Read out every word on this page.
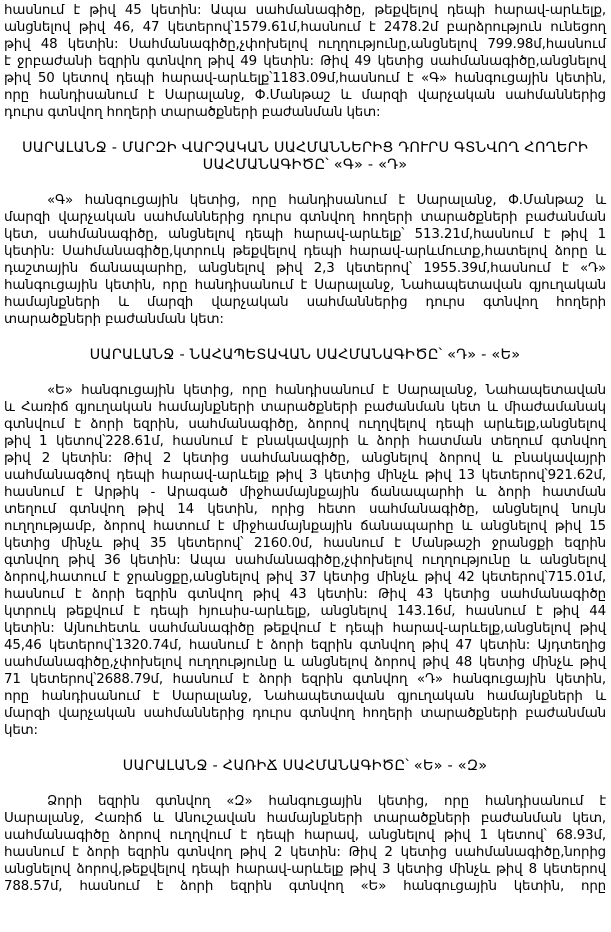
հասնում է թիվ 45 կետին: Ապա սահմանագիծը, թեքվելով դեպի հարավ-արևելք,
անցնելով թիվ 46, 47 կետերով՝1579.61մ,հասնում է 2478.2մ բարձրություն ունեցող
թիվ 48 կետին: Սահմանագիծը,չփոխելով ուղղությունը,անցնելով 799.98մ,հասնում
է ջրբաժանի եզրին գտնվող թիվ 49 կետին: Թիվ 49 կետից սահմանագիծը,անցնելով
թիվ 50 կետով դեպի հարավ-արևելք՝1183.09մ,հասնում է «Գ» հանգուցային կետին,
որը հանդիսանում է Սարալանջ, Փ.Մանթաշ և մարզի վարչական սահմաններից
դուրս գտնվող հողերի տարածքների բաժանման կետ:
ՍԱՐԱԼԱՆՋ - ՄԱՐԶԻ ՎԱՐՉԱԿԱՆ ՍԱՀՄԱՆՆԵՐԻՑ ԴՈՒՐՍ ԳՏՆՎՈՂ ՀՈՂԵՐԻ
ՍԱՀՄԱՆԱԳԻԾԸ՝ «Գ» - «Դ»
«Գ» հանգուցային կետից, որը հանդիսանում է Սարալանջ, Փ.Մանթաշ և
մարզի վարչական սահմաններից դուրս գտնվող հողերի տարածքների բաժանման
կետ, սահմանագիծը, անցնելով դեպի հարավ-արևելք՝ 513.21մ,հասնում է թիվ 1
կետին: Սահմանագիծը,կտրուկ թեքվելով դեպի հարավ-արևմուտք,հատելով ձորը և
դաշտային ճանապարհը, անցնելով թիվ 2,3 կետերով՝ 1955.39մ,հասնում է «Դ»
հանգուցային կետին, որը հանդիսանում է Սարալանջ, Նահապետավան գյուղական
համայնքների և մարզի վարչական սահմաններից դուրս գտնվող հողերի
տարածքների բաժանման կետ:
ՍԱՐԱԼԱՆՋ - ՆԱՀԱՊԵՏԱՎԱՆ ՍԱՀՄԱՆԱԳԻԾԸ՝ «Դ» - «Ե»
«Ե» հանգուցային կետից, որը հանդիսանում է Սարալանջ, Նահապետավան
և Հառիճ գյուղական համայնքների տարածքների բաժանման կետ և միաժամանակ
գտնվում է ձորի եզրին, սահմանագիծը, ձորով ուղղվելով դեպի արևելք,անցնելով
թիվ 1 կետով՝228.61մ, հասնում է բնակավայրի և ձորի հատման տեղում գտնվող
թիվ 2 կետին: Թիվ 2 կետից սահմանագիծը, անցնելով ձորով և բնակավայրի
սահմանագծով դեպի հարավ-արևելք թիվ 3 կետից մինչև թիվ 13 կետերով՝921.62մ,
հասնում է Արթիկ - Արագած միջհամայնքային ճանապարհի և ձորի հատման
տեղում գտնվող թիվ 14 կետին, որից հետո սահմանագիծը, անցնելով նույն
ուղղությամբ, ձորով հատում է միջհամայնքային ճանապարհը և անցնելով թիվ 15
կետից մինչև թիվ 35 կետերով՝ 2160.0մ, հասնում է Մանթաշի ջրանցքի եզրին
գտնվող թիվ 36 կետին: Ապա սահմանագիծը,չփոխելով ուղղությունը և անցնելով
ձորով,հատում է ջրանցքը,անցնելով թիվ 37 կետից մինչև թիվ 42 կետերով՝715.01մ,
հասնում է ձորի եզրին գտնվող թիվ 43 կետին: Թիվ 43 կետից սահմանագիծը
կտրուկ թեքվում է դեպի հյուսիս-արևելք, անցնելով 143.16մ, հասնում է թիվ 44
կետին: Այնուհետև սահմանագիծը թեքվում է դեպի հարավ-արևելք,անցնելով թիվ
45,46 կետերով՝1320.74մ, հասնում է ձորի եզրին գտնվող թիվ 47 կետին: Այդտեղից
սահմանագիծը,չփոխելով ուղղությունը և անցնելով ձորով թիվ 48 կետից մինչև թիվ
71 կետերով՝2688.79մ, հասնում է ձորի եզրին գտնվող «Դ» հանգուցային կետին,
որը հանդիսանում է Սարալանջ, Նահապետավան գյուղական համայնքների և
մարզի վարչական սահմաններից դուրս գտնվող հողերի տարածքների բաժանման
կետ:
ՍԱՐԱԼԱՆՋ - ՀԱՌԻՃ ՍԱՀՄԱՆԱԳԻԾԸ՝ «Ե» - «Զ»
Ձորի եզրին գտնվող «Զ» հանգուցային կետից, որը հանդիսանում է
Սարալանջ, Հառիճ և Անուշավան համայնքների տարածքների բաժանման կետ,
սահմանագիծը ձորով ուղղվում է դեպի հարավ, անցնելով թիվ 1 կետով՝ 68.93մ,
հասնում է ձորի եզրին գտնվող թիվ 2 կետին: Թիվ 2 կետից սահմանագիծը,նորից
անցնելով ձորով,թեքվելով դեպի հարավ-արևելք թիվ 3 կետից մինչև թիվ 8 կետերով
788.57մ, հասնում է ձորի եզրին գտնվող «Ե» հանգուցային կետին, որը
